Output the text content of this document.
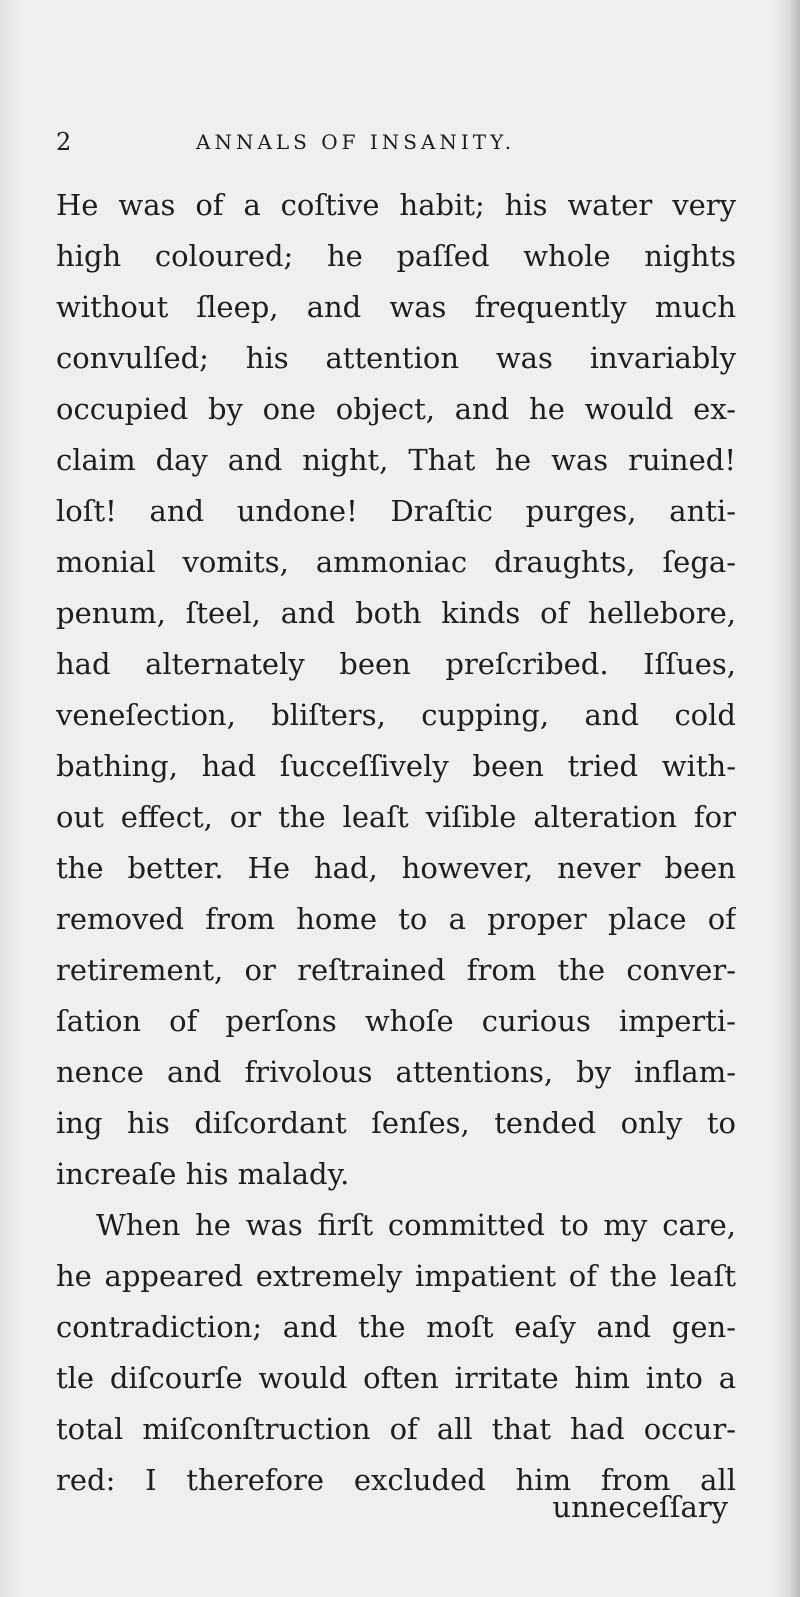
2	ANNALS OF INSANITY.
He was of a coſtive habit; his water very
high coloured; he paſſed whole nights
without ſleep, and was frequently much
convulſed; his attention was invariably
occupied by one object, and he would ex-
claim day and night, That he was ruined!
loſt! and undone! Draſtic purges, anti-
monial vomits, ammoniac draughts, ſega-
penum, ſteel, and both kinds of hellebore,
had alternately been preſcribed. Iſſues,
veneſection, bliſters, cupping, and cold
bathing, had ſucceſſively been tried with-
out effect, or the leaſt viſible alteration for
the better. He had, however, never been
removed from home to a proper place of
retirement, or reſtrained from the conver-
ſation of perſons whoſe curious imperti-
nence and frivolous attentions, by inflam-
ing his diſcordant ſenſes, tended only to
increaſe his malady.
When he was firſt committed to my care,
he appeared extremely impatient of the leaſt
contradiction; and the moſt eaſy and gen-
tle diſcourſe would often irritate him into a
total miſconſtruction of all that had occur-
red: I therefore excluded him from all
unneceſſary
